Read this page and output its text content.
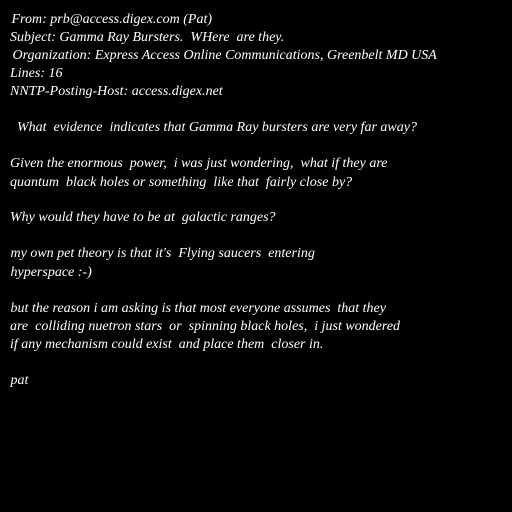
From: prb@access.digex.com (Pat)

Subject: Gamma Ray Bursters.  WHere  are they.

Organization: Express Access Online Communications, Greenbelt MD USA

Lines: 16

NNTP-Posting-Host: access.digex.net

What  evidence  indicates that Gamma Ray bursters are very far away?

Given the enormous  power,  i was just wondering,  what if they are

quantum  black holes or something  like that  fairly close by?

Why would they have to be at  galactic ranges?

my own pet theory is that it's  Flying saucers  entering

hyperspace :-)

but the reason i am asking is that most everyone assumes  that they

are  colliding nuetron stars  or  spinning black holes,  i just wondered

if any mechanism could exist  and place them  closer in.

pat
